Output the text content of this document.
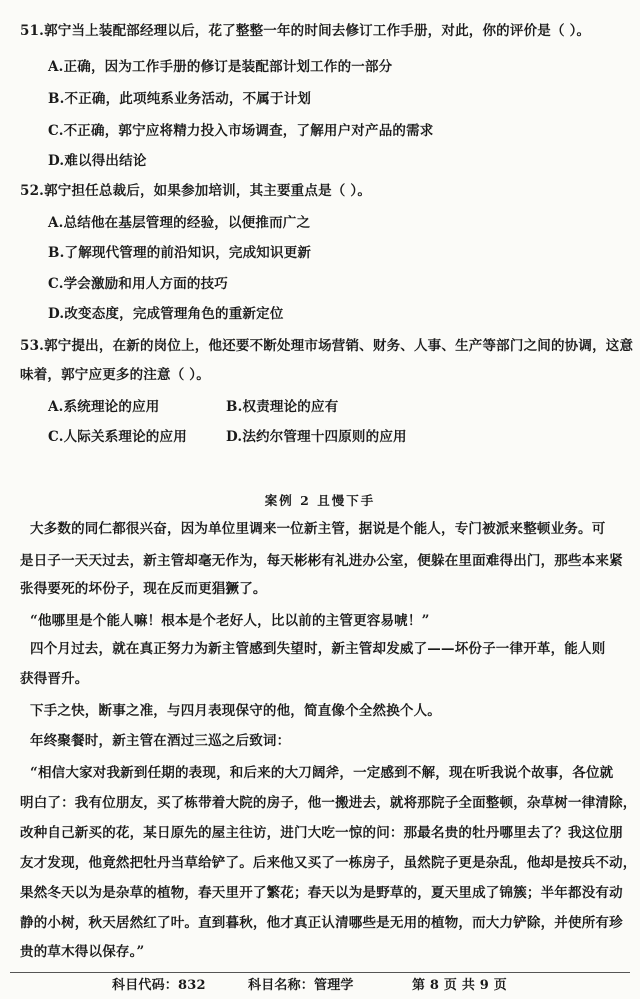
51.郭宁当上装配部经理以后，花了整整一年的时间去修订工作手册，对此，你的评价是（ ）。
A.正确，因为工作手册的修订是装配部计划工作的一部分
B.不正确，此项纯系业务活动，不属于计划
C.不正确，郭宁应将精力投入市场调查，了解用户对产品的需求
D.难以得出结论
52.郭宁担任总裁后，如果参加培训，其主要重点是（ ）。
A.总结他在基层管理的经验，以便推而广之
B.了解现代管理的前沿知识，完成知识更新
C.学会激励和用人方面的技巧
D.改变态度，完成管理角色的重新定位
53.郭宁提出，在新的岗位上，他还要不断处理市场营销、财务、人事、生产等部门之间的协调，这意
味着，郭宁应更多的注意（ ）。
A.系统理论的应用	B.权责理论的应有
C.人际关系理论的应用	D.法约尔管理十四原则的应用
案例 2 且慢下手
大多数的同仁都很兴奋，因为单位里调来一位新主管，据说是个能人，专门被派来整顿业务。可
是日子一天天过去，新主管却毫无作为，每天彬彬有礼进办公室，便躲在里面难得出门，那些本来紧
张得要死的坏份子，现在反而更猖獗了。
“他哪里是个能人嘛！根本是个老好人，比以前的主管更容易唬！”
四个月过去，就在真正努力为新主管感到失望时，新主管却发威了——坏份子一律开革，能人则
获得晋升。
下手之快，断事之准，与四月表现保守的他，简直像个全然换个人。
年终聚餐时，新主管在酒过三巡之后致词：
“相信大家对我新到任期的表现，和后来的大刀阔斧，一定感到不解，现在听我说个故事，各位就
明白了：我有位朋友，买了栋带着大院的房子，他一搬进去，就将那院子全面整顿，杂草树一律清除，
改种自己新买的花，某日原先的屋主往访，进门大吃一惊的问：那最名贵的牡丹哪里去了？我这位朋
友才发现，他竟然把牡丹当草给铲了。后来他又买了一栋房子，虽然院子更是杂乱，他却是按兵不动，
果然冬天以为是杂草的植物，春天里开了繁花；春天以为是野草的，夏天里成了锦簇；半年都没有动
静的小树，秋天居然红了叶。直到暮秋，他才真正认清哪些是无用的植物，而大力铲除，并使所有珍
贵的草木得以保存。”
科目代码：832	科目名称：管理学	第 8 页 共 9 页
